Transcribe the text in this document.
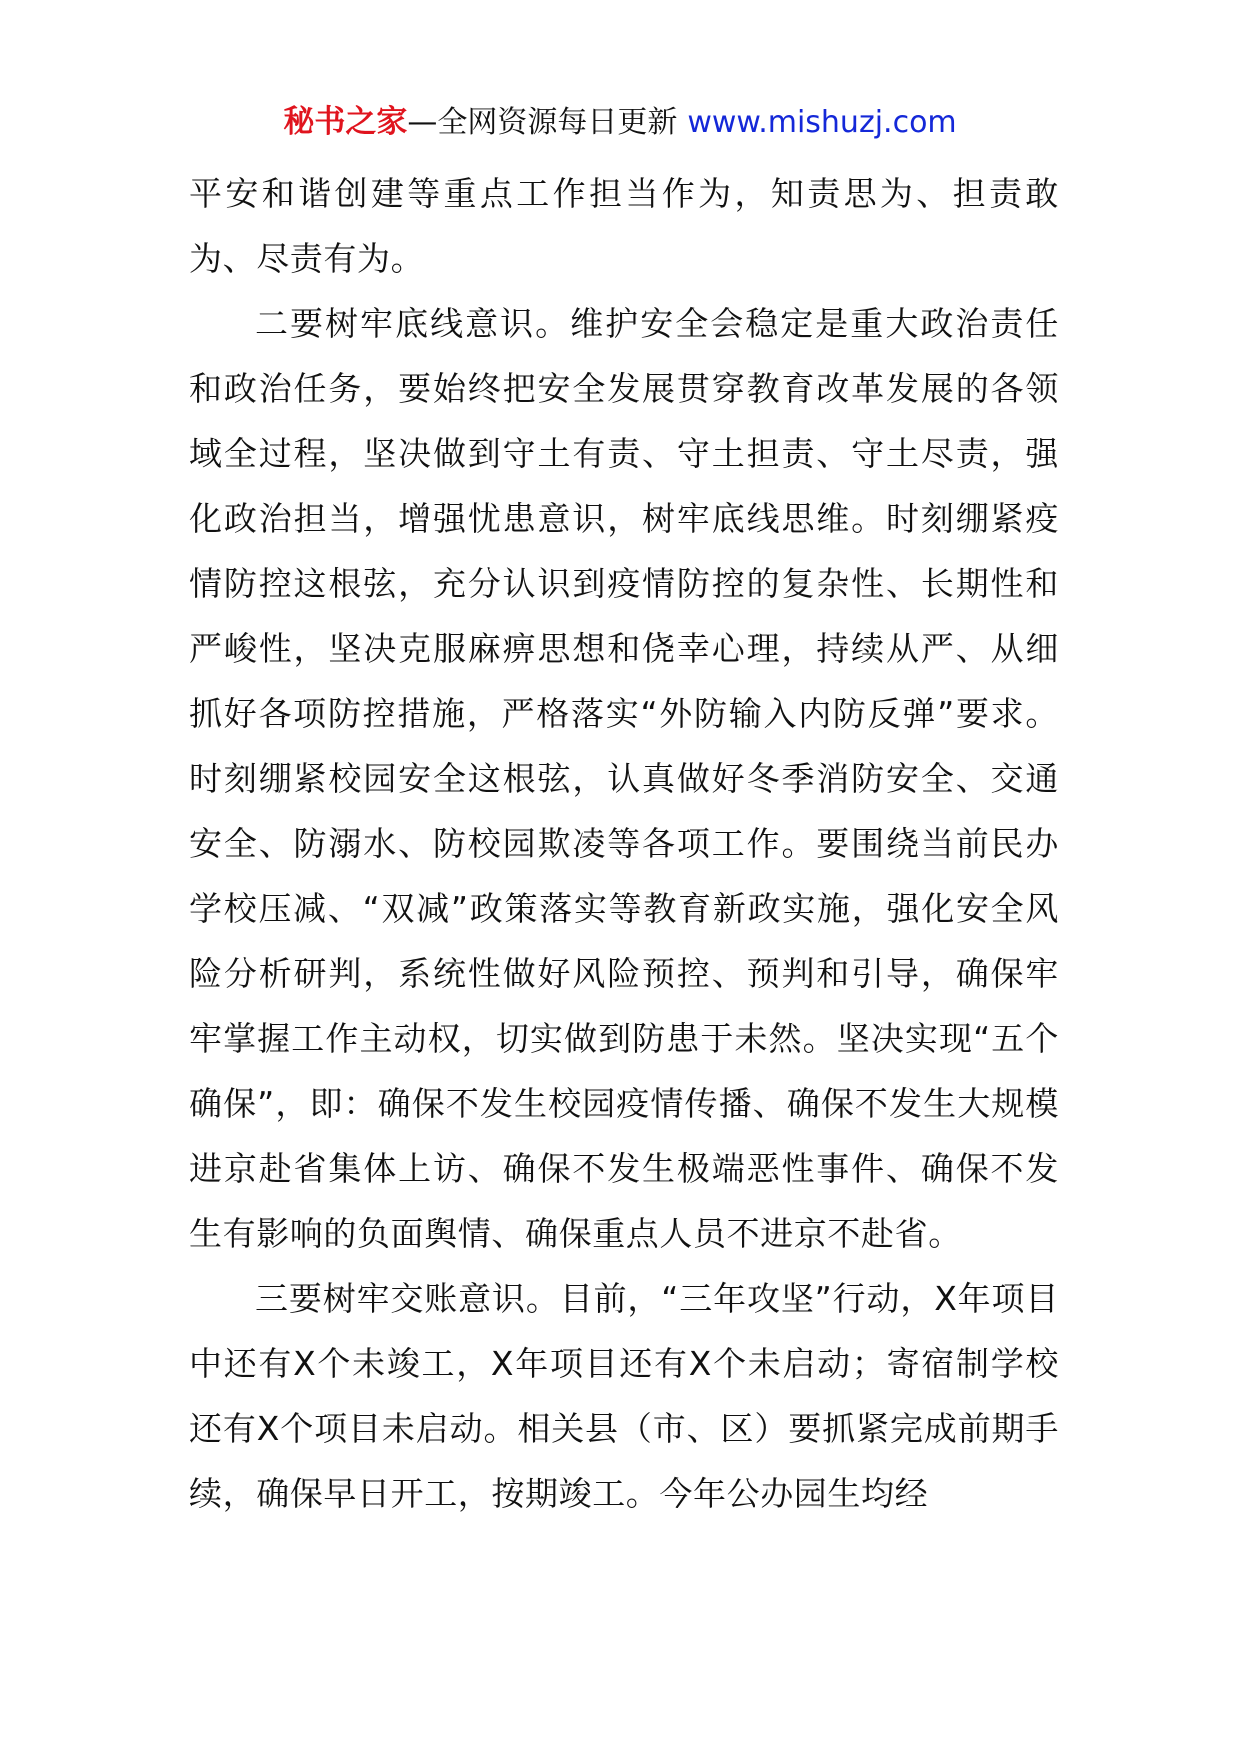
秘书之家—全网资源每日更新 www.mishuzj.com

平安和谐创建等重点工作担当作为，知责思为、担责敢为、尽责有为。

二要树牢底线意识。维护安全会稳定是重大政治责任和政治任务，要始终把安全发展贯穿教育改革发展的各领域全过程，坚决做到守土有责、守土担责、守土尽责，强化政治担当，增强忧患意识，树牢底线思维。时刻绷紧疫情防控这根弦，充分认识到疫情防控的复杂性、长期性和严峻性，坚决克服麻痹思想和侥幸心理，持续从严、从细抓好各项防控措施，严格落实“外防输入内防反弹”要求。时刻绷紧校园安全这根弦，认真做好冬季消防安全、交通安全、防溺水、防校园欺凌等各项工作。要围绕当前民办学校压减、“双减”政策落实等教育新政实施，强化安全风险分析研判，系统性做好风险预控、预判和引导，确保牢牢掌握工作主动权，切实做到防患于未然。坚决实现“五个确保”，即：确保不发生校园疫情传播、确保不发生大规模进京赴省集体上访、确保不发生极端恶性事件、确保不发生有影响的负面舆情、确保重点人员不进京不赴省。

三要树牢交账意识。目前，“三年攻坚”行动，X年项目中还有X个未竣工，X年项目还有X个未启动；寄宿制学校还有X个项目未启动。相关县（市、区）要抓紧完成前期手续，确保早日开工，按期竣工。今年公办园生均经
